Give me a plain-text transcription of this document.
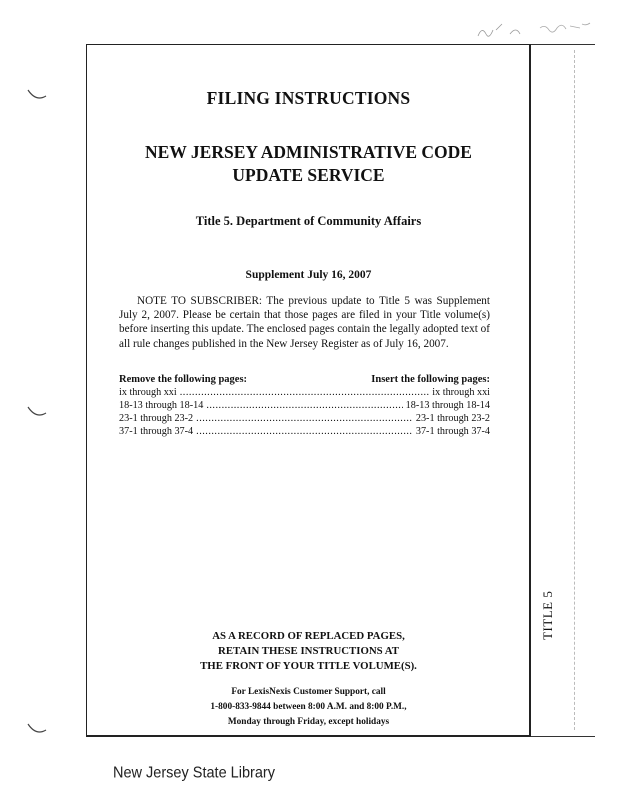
FILING INSTRUCTIONS
NEW JERSEY ADMINISTRATIVE CODE
UPDATE SERVICE
Title 5. Department of Community Affairs
Supplement July 16, 2007
NOTE TO SUBSCRIBER: The previous update to Title 5 was Supplement July 2, 2007. Please be certain that those pages are filed in your Title volume(s) before inserting this update. The enclosed pages contain the legally adopted text of all rule changes published in the New Jersey Register as of July 16, 2007.
Remove the following pages:	Insert the following pages:
ix through xxi .....	ix through xxi
18-13 through 18-14 .....	18-13 through 18-14
23-1 through 23-2 .....	23-1 through 23-2
37-1 through 37-4 .....	37-1 through 37-4
AS A RECORD OF REPLACED PAGES,
RETAIN THESE INSTRUCTIONS AT
THE FRONT OF YOUR TITLE VOLUME(S).
For LexisNexis Customer Support, call
1-800-833-9844 between 8:00 A.M. and 8:00 P.M.,
Monday through Friday, except holidays
TITLE 5
New Jersey State Library
